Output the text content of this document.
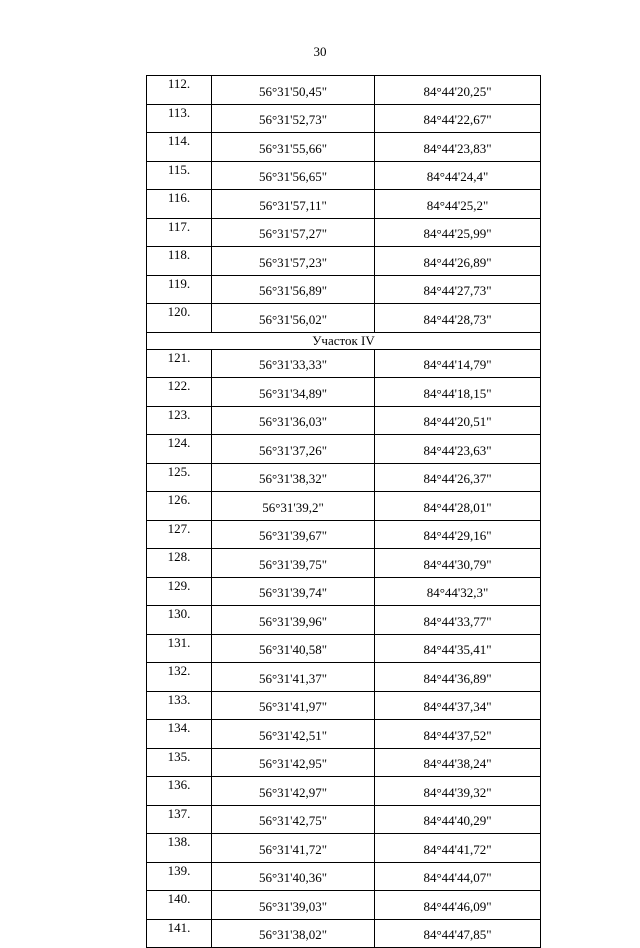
30
112.	56°31'50,45"	84°44'20,25"
113.	56°31'52,73"	84°44'22,67"
114.	56°31'55,66"	84°44'23,83"
115.	56°31'56,65"	84°44'24,4"
116.	56°31'57,11"	84°44'25,2"
117.	56°31'57,27"	84°44'25,99"
118.	56°31'57,23"	84°44'26,89"
119.	56°31'56,89"	84°44'27,73"
120.	56°31'56,02"	84°44'28,73"
Участок IV		
121.	56°31'33,33"	84°44'14,79"
122.	56°31'34,89"	84°44'18,15"
123.	56°31'36,03"	84°44'20,51"
124.	56°31'37,26"	84°44'23,63"
125.	56°31'38,32"	84°44'26,37"
126.	56°31'39,2"	84°44'28,01"
127.	56°31'39,67"	84°44'29,16"
128.	56°31'39,75"	84°44'30,79"
129.	56°31'39,74"	84°44'32,3"
130.	56°31'39,96"	84°44'33,77"
131.	56°31'40,58"	84°44'35,41"
132.	56°31'41,37"	84°44'36,89"
133.	56°31'41,97"	84°44'37,34"
134.	56°31'42,51"	84°44'37,52"
135.	56°31'42,95"	84°44'38,24"
136.	56°31'42,97"	84°44'39,32"
137.	56°31'42,75"	84°44'40,29"
138.	56°31'41,72"	84°44'41,72"
139.	56°31'40,36"	84°44'44,07"
140.	56°31'39,03"	84°44'46,09"
141.	56°31'38,02"	84°44'47,85"
